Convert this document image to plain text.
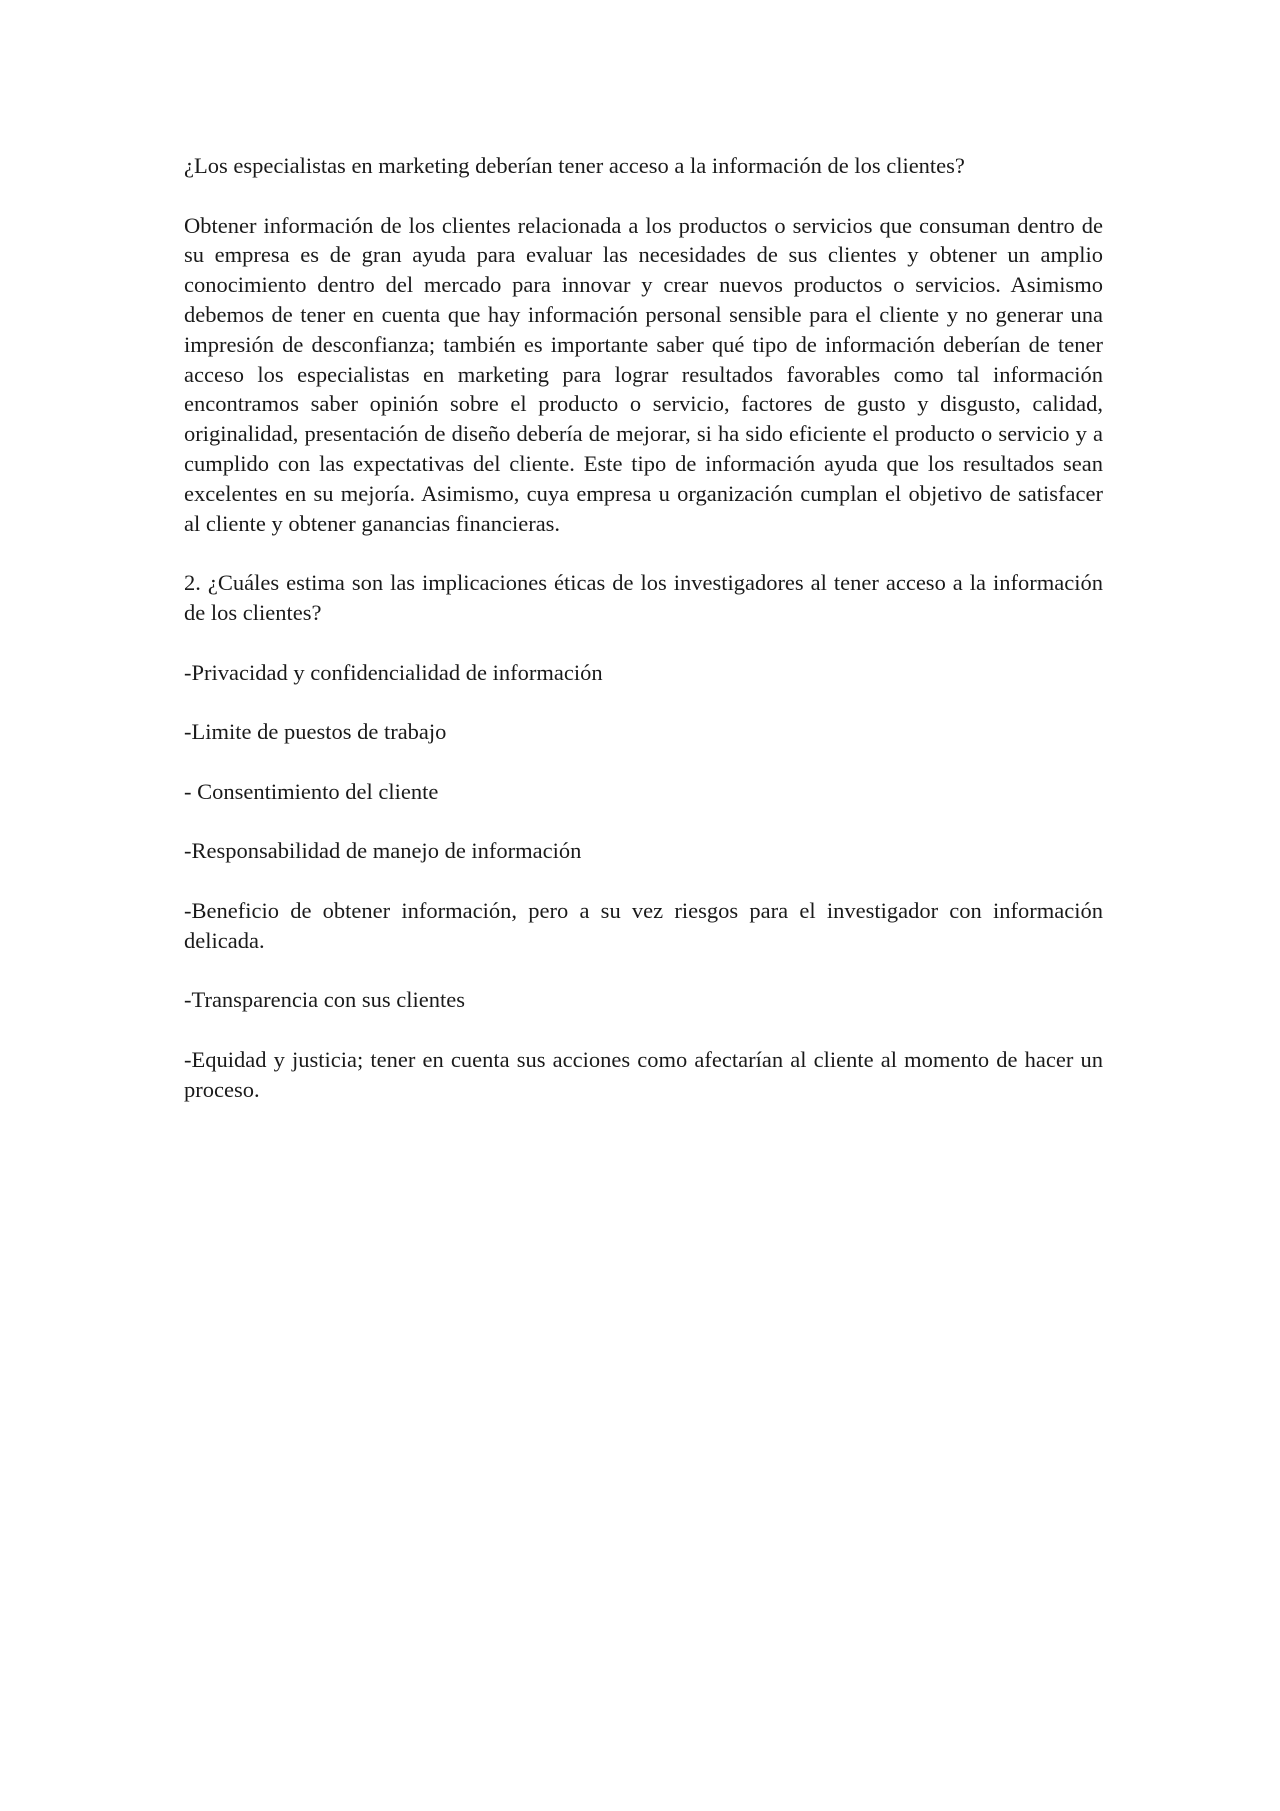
¿Los especialistas en marketing deberían tener acceso a la información de los clientes?

Obtener información de los clientes relacionada a los productos o servicios que consuman dentro de su empresa es de gran ayuda para evaluar las necesidades de sus clientes y obtener un amplio conocimiento dentro del mercado para innovar y crear nuevos productos o servicios. Asimismo debemos de tener en cuenta que hay información personal sensible para el cliente y no generar una impresión de desconfianza; también es importante saber qué tipo de información deberían de tener acceso los especialistas en marketing para lograr resultados favorables como tal información encontramos saber opinión sobre el producto o servicio, factores de gusto y disgusto, calidad, originalidad, presentación de diseño debería de mejorar, si ha sido eficiente el producto o servicio y a cumplido con las expectativas del cliente. Este tipo de información ayuda que los resultados sean excelentes en su mejoría. Asimismo, cuya empresa u organización cumplan el objetivo de satisfacer al cliente y obtener ganancias financieras.

2. ¿Cuáles estima son las implicaciones éticas de los investigadores al tener acceso a la información de los clientes?

-Privacidad y confidencialidad de información

-Limite de puestos de trabajo

- Consentimiento del cliente

-Responsabilidad de manejo de información

-Beneficio de obtener información, pero a su vez riesgos para el investigador con información delicada.

-Transparencia con sus clientes

-Equidad y justicia; tener en cuenta sus acciones como afectarían al cliente al momento de hacer un proceso.
